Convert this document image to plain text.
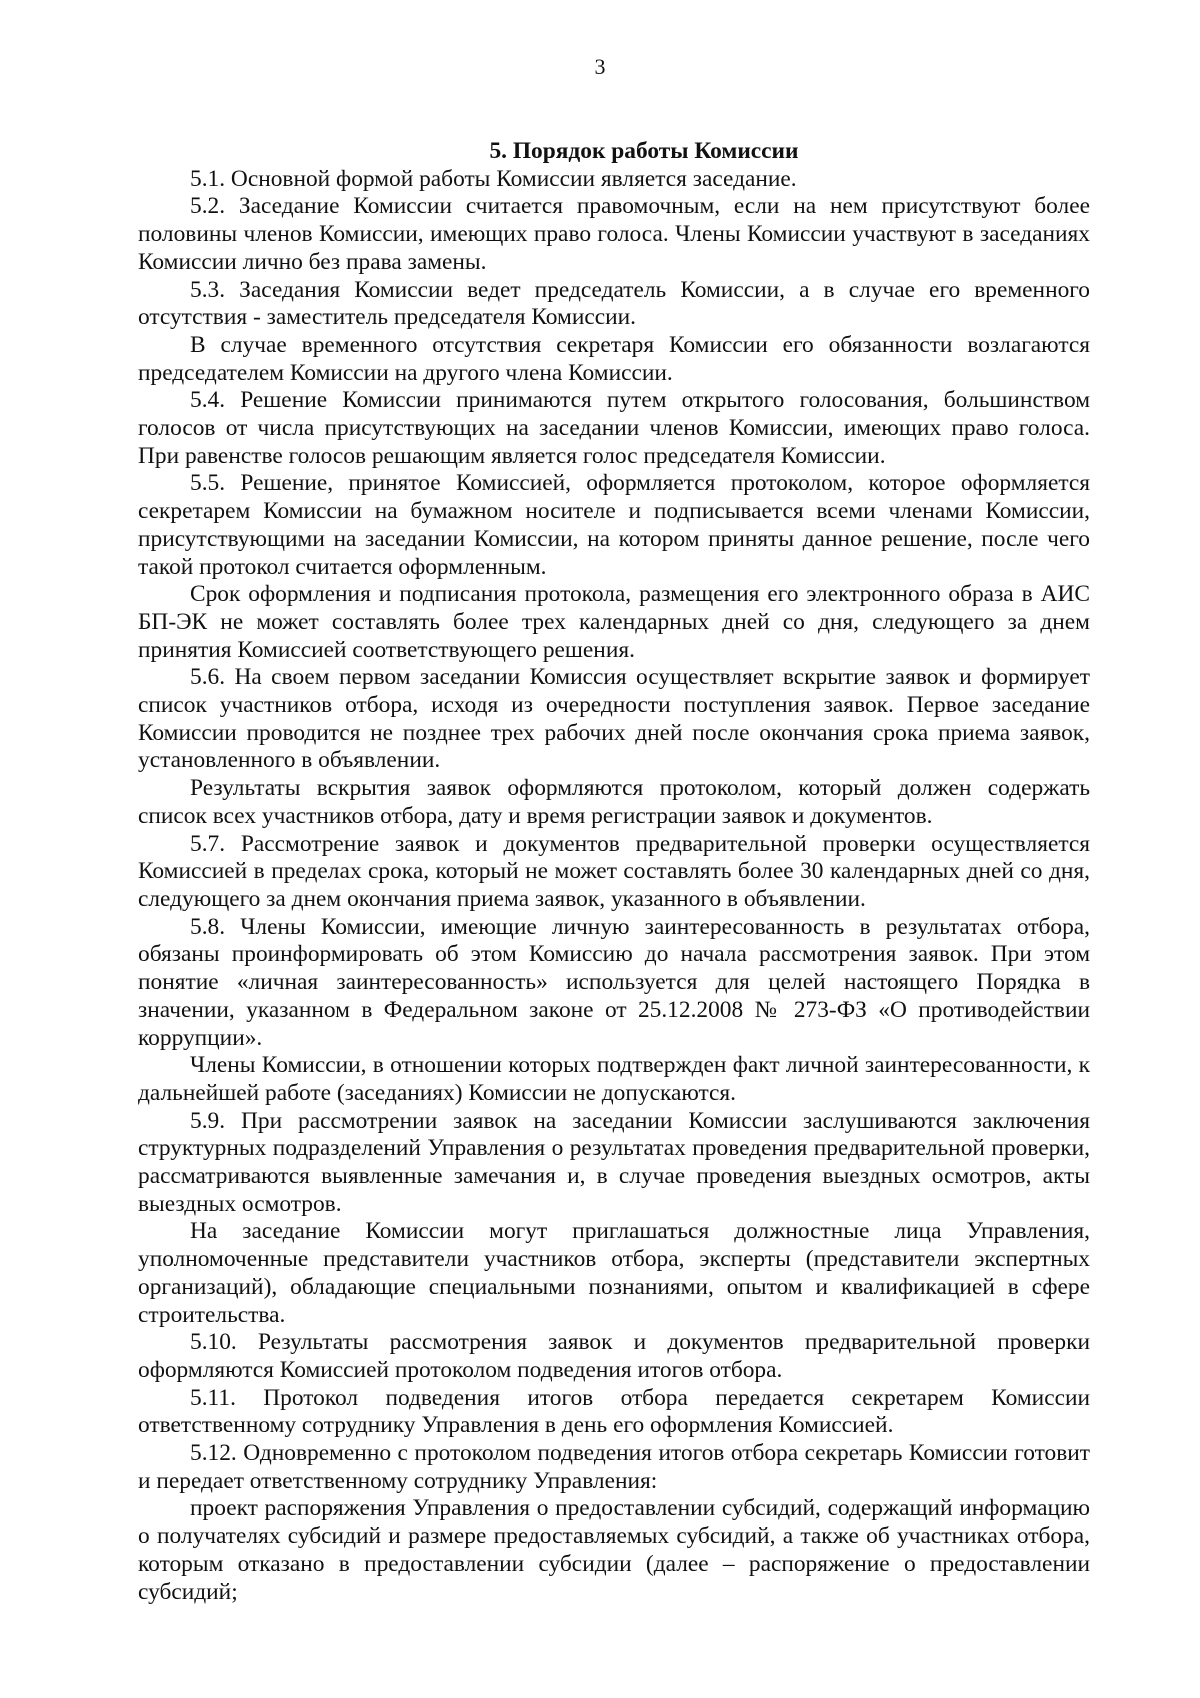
3

5. Порядок работы Комиссии

5.1. Основной формой работы Комиссии является заседание.

5.2. Заседание Комиссии считается правомочным, если на нем присутствуют более половины членов Комиссии, имеющих право голоса. Члены Комиссии участвуют в заседаниях Комиссии лично без права замены.

5.3. Заседания Комиссии ведет председатель Комиссии, а в случае его временного отсутствия - заместитель председателя Комиссии.

В случае временного отсутствия секретаря Комиссии его обязанности возлагаются председателем Комиссии на другого члена Комиссии.

5.4. Решение Комиссии принимаются путем открытого голосования, большинством голосов от числа присутствующих на заседании членов Комиссии, имеющих право голоса. При равенстве голосов решающим является голос председателя Комиссии.

5.5. Решение, принятое Комиссией, оформляется протоколом, которое оформляется секретарем Комиссии на бумажном носителе и подписывается всеми членами Комиссии, присутствующими на заседании Комиссии, на котором приняты данное решение, после чего такой протокол считается оформленным.

Срок оформления и подписания протокола, размещения его электронного образа в АИС БП-ЭК не может составлять более трех календарных дней со дня, следующего за днем принятия Комиссией соответствующего решения.

5.6. На своем первом заседании Комиссия осуществляет вскрытие заявок и формирует список участников отбора, исходя из очередности поступления заявок. Первое заседание Комиссии проводится не позднее трех рабочих дней после окончания срока приема заявок, установленного в объявлении.

Результаты вскрытия заявок оформляются протоколом, который должен содержать список всех участников отбора, дату и время регистрации заявок и документов.

5.7. Рассмотрение заявок и документов предварительной проверки осуществляется Комиссией в пределах срока, который не может составлять более 30 календарных дней со дня, следующего за днем окончания приема заявок, указанного в объявлении.

5.8. Члены Комиссии, имеющие личную заинтересованность в результатах отбора, обязаны проинформировать об этом Комиссию до начала рассмотрения заявок. При этом понятие «личная заинтересованность» используется для целей настоящего Порядка в значении, указанном в Федеральном законе от 25.12.2008 № 273-ФЗ «О противодействии коррупции».

Члены Комиссии, в отношении которых подтвержден факт личной заинтересованности, к дальнейшей работе (заседаниях) Комиссии не допускаются.

5.9. При рассмотрении заявок на заседании Комиссии заслушиваются заключения структурных подразделений Управления о результатах проведения предварительной проверки, рассматриваются выявленные замечания и, в случае проведения выездных осмотров, акты выездных осмотров.

На заседание Комиссии могут приглашаться должностные лица Управления, уполномоченные представители участников отбора, эксперты (представители экспертных организаций), обладающие специальными познаниями, опытом и квалификацией в сфере строительства.

5.10. Результаты рассмотрения заявок и документов предварительной проверки оформляются Комиссией протоколом подведения итогов отбора.

5.11. Протокол подведения итогов отбора передается секретарем Комиссии ответственному сотруднику Управления в день его оформления Комиссией.

5.12. Одновременно с протоколом подведения итогов отбора секретарь Комиссии готовит и передает ответственному сотруднику Управления:

проект распоряжения Управления о предоставлении субсидий, содержащий информацию о получателях субсидий и размере предоставляемых субсидий, а также об участниках отбора, которым отказано в предоставлении субсидии (далее – распоряжение о предоставлении субсидий;
